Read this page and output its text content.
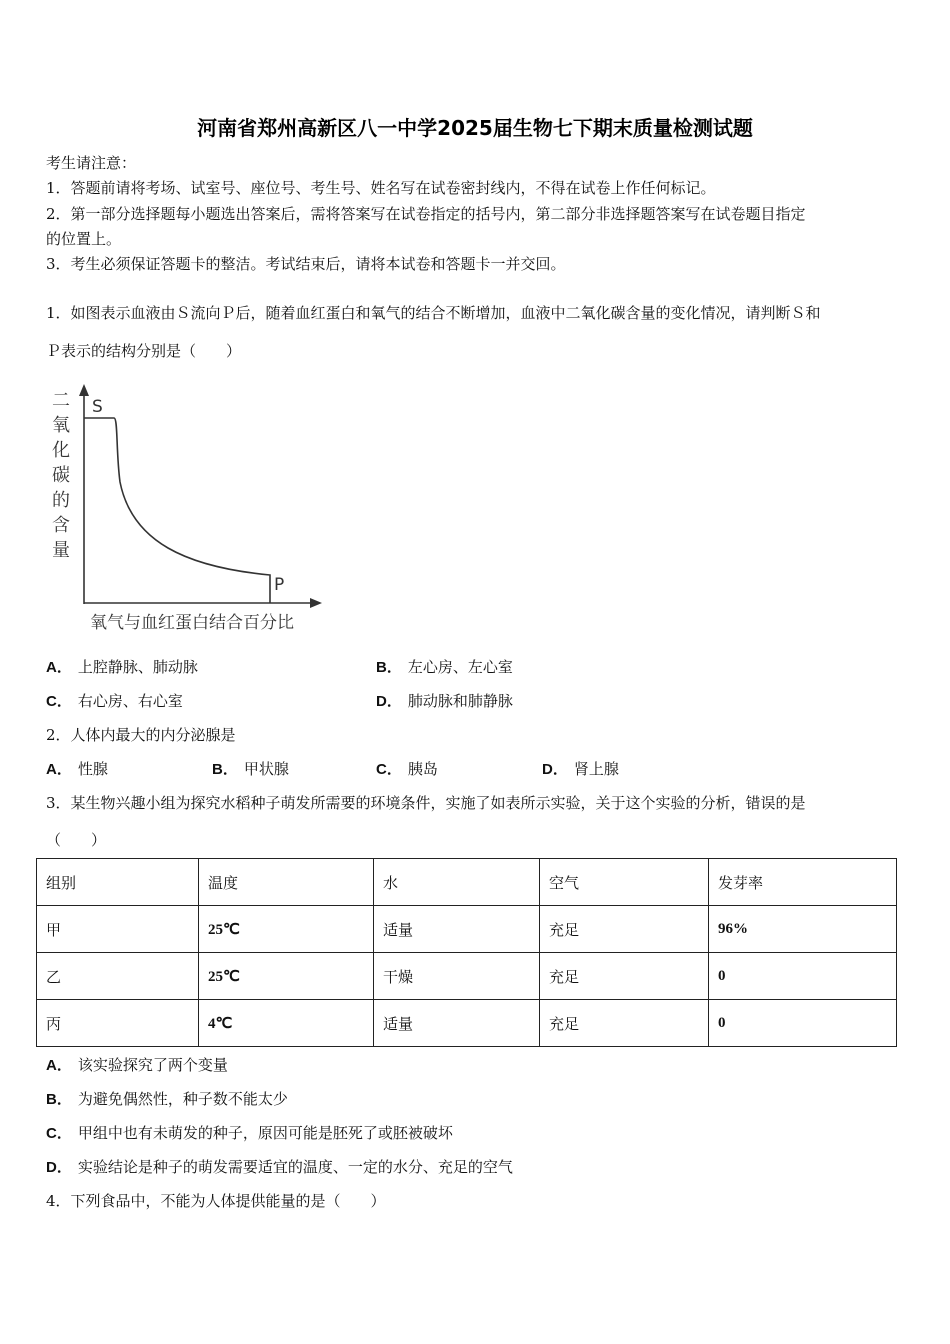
河南省郑州高新区八一中学2025届生物七下期末质量检测试题
考生请注意：
1．答题前请将考场、试室号、座位号、考生号、姓名写在试卷密封线内，不得在试卷上作任何标记。
2．第一部分选择题每小题选出答案后，需将答案写在试卷指定的括号内，第二部分非选择题答案写在试卷题目指定
的位置上。
3．考生必须保证答题卡的整洁。考试结束后，请将本试卷和答题卡一并交回。
1．如图表示血液由Ｓ流向Ｐ后，随着血红蛋白和氧气的结合不断增加，血液中二氧化碳含量的变化情况，请判断Ｓ和
Ｐ表示的结构分别是（　　）
S
P
二
氧
化
碳
的
含
量
氧气与血红蛋白结合百分比
A． 上腔静脉、肺动脉	B． 左心房、左心室
C． 右心房、右心室	D． 肺动脉和肺静脉
2．人体内最大的内分泌腺是
A． 性腺	B． 甲状腺	C． 胰岛	D． 肾上腺
3．某生物兴趣小组为探究水稻种子萌发所需要的环境条件，实施了如表所示实验，关于这个实验的分析，错误的是
（　　）
组别	温度	水	空气	发芽率
甲	25℃	适量	充足	96%
乙	25℃	干燥	充足	0
丙	4℃	适量	充足	0
A． 该实验探究了两个变量
B． 为避免偶然性，种子数不能太少
C． 甲组中也有未萌发的种子，原因可能是胚死了或胚被破坏
D． 实验结论是种子的萌发需要适宜的温度、一定的水分、充足的空气
4．下列食品中，不能为人体提供能量的是（　　）
